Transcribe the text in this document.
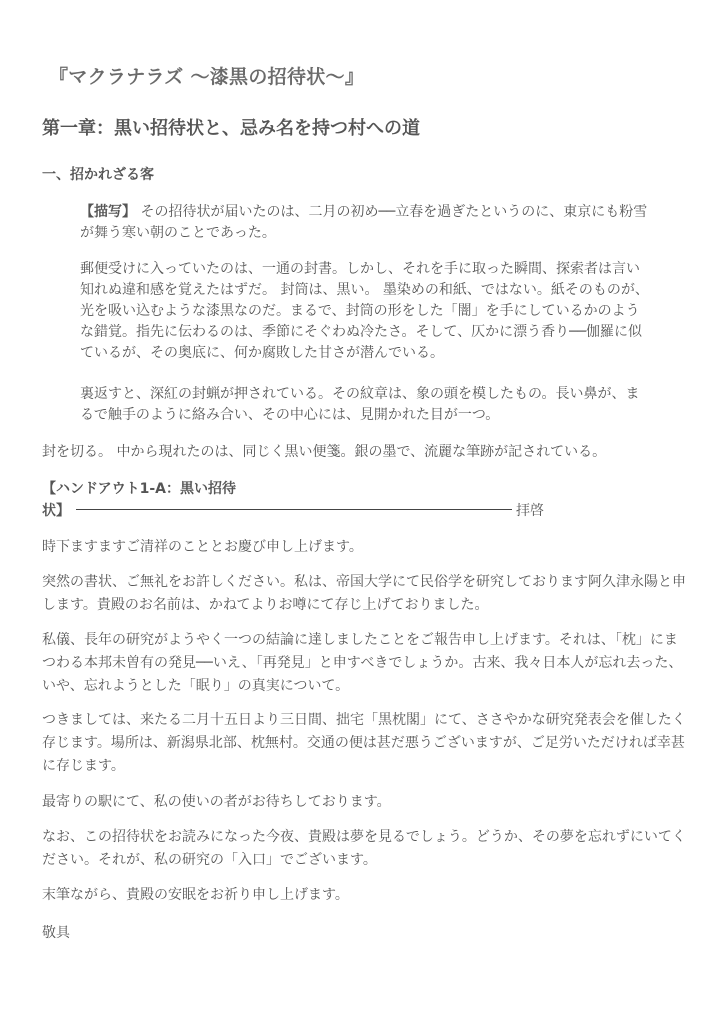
『マクラナラズ 〜漆黒の招待状〜』
第一章：黒い招待状と、忌み名を持つ村への道
一、招かれざる客

【描写】 その招待状が届いたのは、二月の初め──立春を過ぎたというのに、東京にも粉雪が舞う寒い朝のことであった。

郵便受けに入っていたのは、一通の封書。しかし、それを手に取った瞬間、探索者は言い知れぬ違和感を覚えたはずだ。 封筒は、黒い。 墨染めの和紙、ではない。紙そのものが、光を吸い込むような漆黒なのだ。まるで、封筒の形をした「闇」を手にしているかのような錯覚。指先に伝わるのは、季節にそぐわぬ冷たさ。そして、仄かに漂う香り──伽羅に似ているが、その奥底に、何か腐敗した甘さが潜んでいる。

裏返すと、深紅の封蝋が押されている。その紋章は、象の頭を模したもの。長い鼻が、まるで触手のように絡み合い、その中心には、見開かれた目が一つ。

封を切る。 中から現れたのは、同じく黒い便箋。銀の墨で、流麗な筆跡が記されている。

【ハンドアウト1-A：黒い招待
状】	拝啓

時下ますますご清祥のこととお慶び申し上げます。

突然の書状、ご無礼をお許しください。私は、帝国大学にて民俗学を研究しております阿久津永陽と申します。貴殿のお名前は、かねてよりお噂にて存じ上げておりました。

私儀、長年の研究がようやく一つの結論に達しましたことをご報告申し上げます。それは、「枕」にまつわる本邦未曽有の発見──いえ、「再発見」と申すべきでしょうか。古来、我々日本人が忘れ去った、いや、忘れようとした「眠り」の真実について。

つきましては、来たる二月十五日より三日間、拙宅「黒枕閣」にて、ささやかな研究発表会を催したく存じます。場所は、新潟県北部、枕無村。交通の便は甚だ悪うございますが、ご足労いただければ幸甚に存じます。

最寄りの駅にて、私の使いの者がお待ちしております。

なお、この招待状をお読みになった今夜、貴殿は夢を見るでしょう。どうか、その夢を忘れずにいてください。それが、私の研究の「入口」でございます。

末筆ながら、貴殿の安眠をお祈り申し上げます。

敬具
